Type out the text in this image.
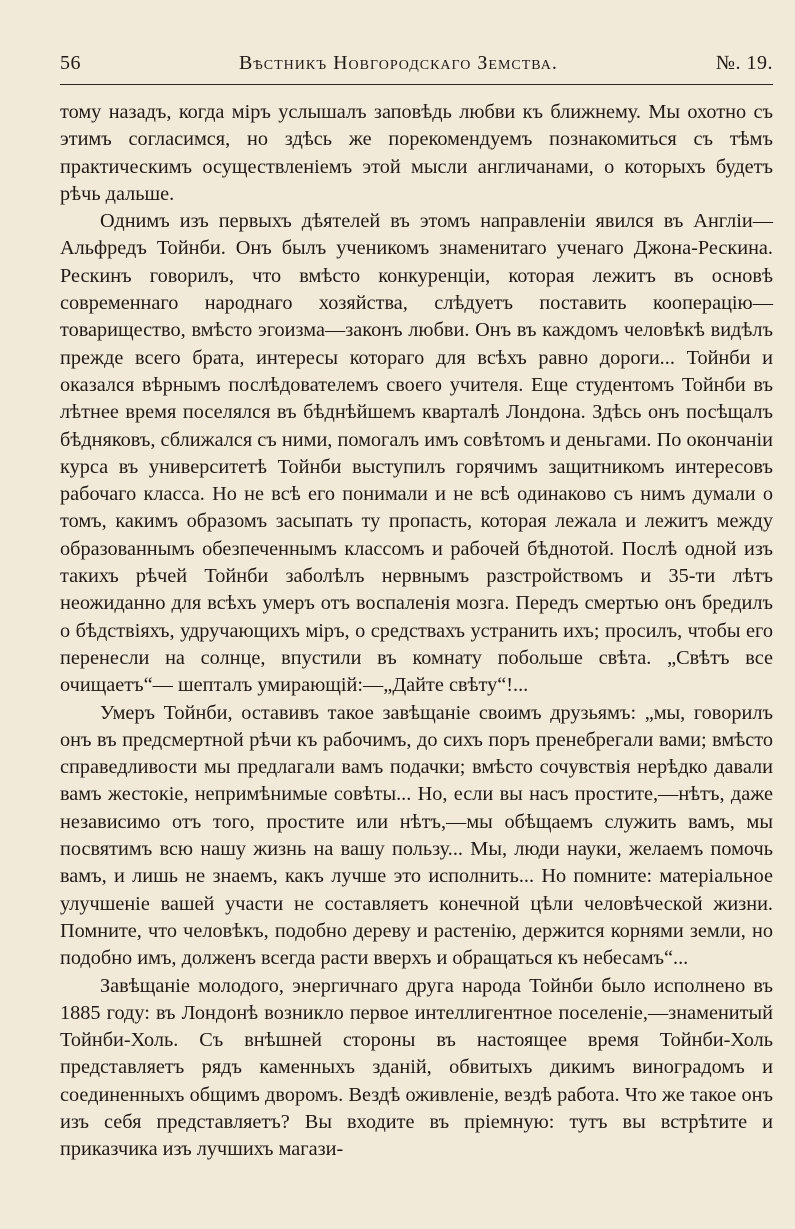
56	Вѣстникъ Новгородскаго Земства.	№. 19.

тому назадъ, когда міръ услышалъ заповѣдь любви къ ближнему. Мы охотно съ этимъ согласимся, но здѣсь же порекомендуемъ познакомиться съ тѣмъ практическимъ осуществленіемъ этой мысли англичанами, о которыхъ будетъ рѣчь дальше.

Однимъ изъ первыхъ дѣятелей въ этомъ направленіи явился въ Англіи—Альфредъ Тойнби. Онъ былъ ученикомъ знаменитаго ученаго Джона-Рескина. Рескинъ говорилъ, что вмѣсто конкуренціи, которая лежитъ въ основѣ современнаго народнаго хозяйства, слѣдуетъ поставить кооперацію—товарищество, вмѣсто эгоизма—законъ любви. Онъ въ каждомъ человѣкѣ видѣлъ прежде всего брата, интересы котораго для всѣхъ равно дороги... Тойнби и оказался вѣрнымъ послѣдователемъ своего учителя. Еще студентомъ Тойнби въ лѣтнее время поселялся въ бѣднѣйшемъ кварталѣ Лондона. Здѣсь онъ посѣщалъ бѣдняковъ, сближался съ ними, помогалъ имъ совѣтомъ и деньгами. По окончаніи курса въ университетѣ Тойнби выступилъ горячимъ защитникомъ интересовъ рабочаго класса. Но не всѣ его понимали и не всѣ одинаково съ нимъ думали о томъ, какимъ образомъ засыпать ту пропасть, которая лежала и лежитъ между образованнымъ обезпеченнымъ классомъ и рабочей бѣднотой. Послѣ одной изъ такихъ рѣчей Тойнби заболѣлъ нервнымъ разстройствомъ и 35-ти лѣтъ неожиданно для всѣхъ умеръ отъ воспаленія мозга. Передъ смертью онъ бредилъ о бѣдствіяхъ, удручающихъ міръ, о средствахъ устранить ихъ; просилъ, чтобы его перенесли на солнце, впустили въ комнату побольше свѣта. „Свѣтъ все очищаетъ“— шепталъ умирающій:—„Дайте свѣту“!...

Умеръ Тойнби, оставивъ такое завѣщаніе своимъ друзьямъ: „мы, говорилъ онъ въ предсмертной рѣчи къ рабочимъ, до сихъ поръ пренебрегали вами; вмѣсто справедливости мы предлагали вамъ подачки; вмѣсто сочувствія нерѣдко давали вамъ жестокіе, непримѣнимые совѣты... Но, если вы насъ простите,—нѣтъ, даже независимо отъ того, простите или нѣтъ,—мы обѣщаемъ служить вамъ, мы посвятимъ всю нашу жизнь на вашу пользу... Мы, люди науки, желаемъ помочь вамъ, и лишь не знаемъ, какъ лучше это исполнить... Но помните: матеріальное улучшеніе вашей участи не составляетъ конечной цѣли человѣческой жизни. Помните, что человѣкъ, подобно дереву и растенію, держится корнями земли, но подобно имъ, долженъ всегда расти вверхъ и обращаться къ небесамъ“...

Завѣщаніе молодого, энергичнаго друга народа Тойнби было исполнено въ 1885 году: въ Лондонѣ возникло первое интеллигентное поселеніе,—знаменитый Тойнби-Холь. Съ внѣшней стороны въ настоящее время Тойнби-Холь представляетъ рядъ каменныхъ зданій, обвитыхъ дикимъ виноградомъ и соединенныхъ общимъ дворомъ. Вездѣ оживленіе, вездѣ работа. Что же такое онъ изъ себя представляетъ? Вы входите въ пріемную: тутъ вы встрѣтите и приказчика изъ лучшихъ магази-
